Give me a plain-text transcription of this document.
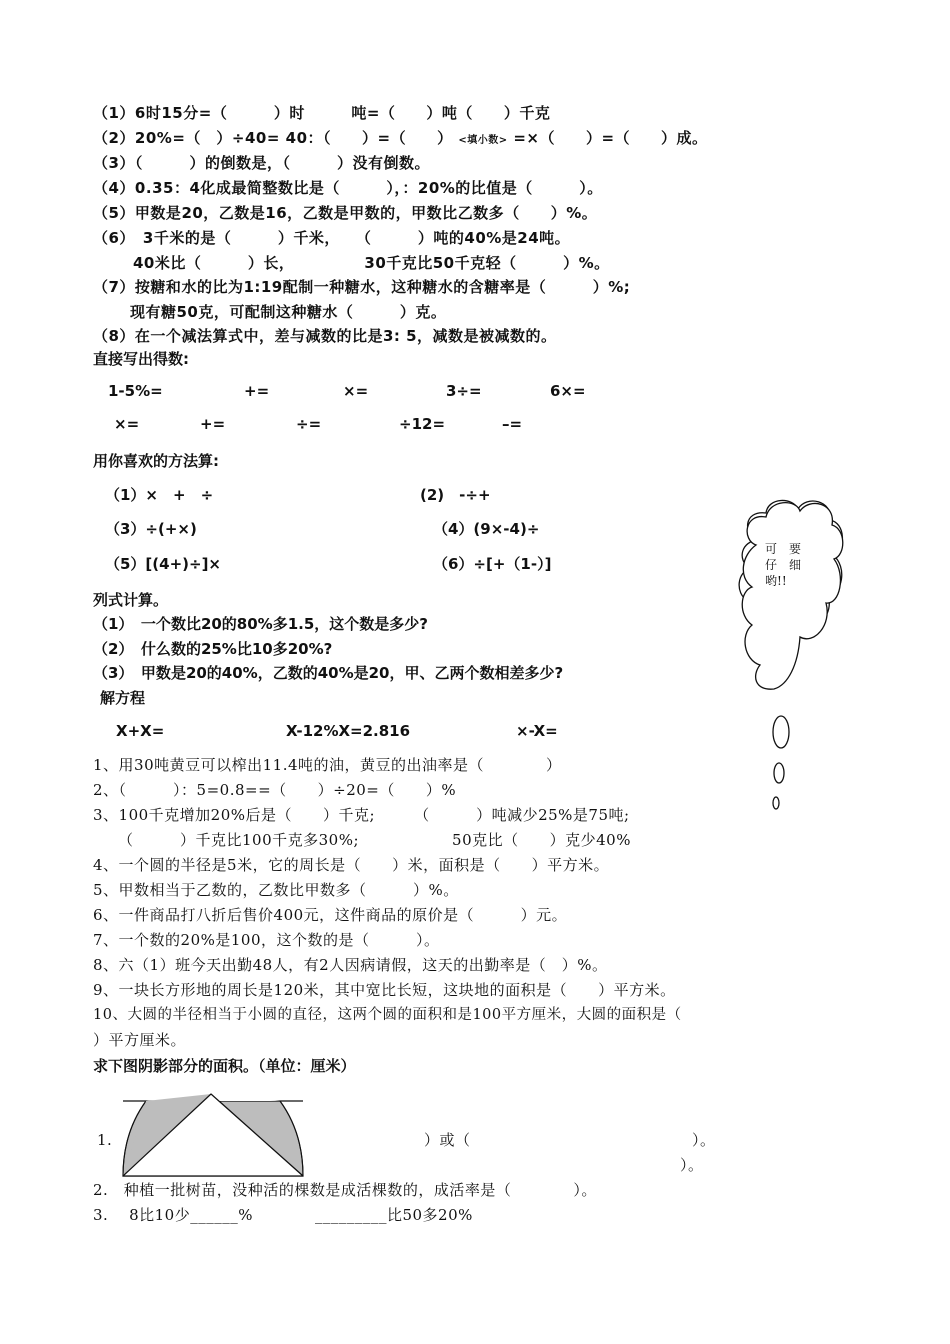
（1）6时15分=（　　　）时　　　吨=（　　）吨（　　）千克
（2）20%=（　）÷40= 40：（　　）=（　　） <填小数> =×（　　）=（　　）成。
（3）（　　　）的倒数是，（　　　）没有倒数。
（4）0.35：4化成最简整数比是（　　　），：20%的比值是（　　　）。
（5）甲数是20，乙数是16，乙数是甲数的，甲数比乙数多（　　）%。
（6）　3千米的是（　　　）千米，　　（　　　）吨的40%是24吨。
40米比（　　　）长，　　　　　30千克比50千克轻（　　　）%。
（7）按糖和水的比为1:19配制一种糖水，这种糖水的含糖率是（　　　）%;
现有糖50克，可配制这种糖水（　　　）克。
（8）在一个减法算式中，差与减数的比是3: 5，减数是被减数的。
直接写出得数:
1-5%=	+=	×=	3÷=	6×=
×=	+=	÷=	÷12=	–=
用你喜欢的方法算:
（1）×　+　÷	(2)　-÷+
（3）÷(+×)	（4）(9×-4)÷
（5）[(4+)÷]×	（6）÷[+（1-）]
可　要
仔　细
哟!!
列式计算。
（1）　一个数比20的80%多1.5，这个数是多少?
（2）　什么数的25%比10多20%?
（3）　甲数是20的40%，乙数的40%是20，甲、乙两个数相差多少?
解方程
X+X=	X-12%X=2.816	×-X=
1、用30吨黄豆可以榨出11.4吨的油，黄豆的出油率是（　　　　）
2、（　　　）：5=0.8==（　　）÷20=（　　）%
3、100千克增加20%后是（　　）千克;　　　（　　　）吨减少25%是75吨;
（　　　）千克比100千克多30%;　　　　　　50克比（　　）克少40%
4、一个圆的半径是5米，它的周长是（　　）米，面积是（　　）平方米。
5、甲数相当于乙数的，乙数比甲数多（　　　）%。
6、一件商品打八折后售价400元，这件商品的原价是（　　　）元。
7、一个数的20%是100，这个数的是（　　　）。
8、六（1）班今天出勤48人，有2人因病请假，这天的出勤率是（　）%。
9、一块长方形地的周长是120米，其中宽比长短，这块地的面积是（　　）平方米。
10、大圆的半径相当于小圆的直径，这两个圆的面积和是100平方厘米，大圆的面积是（
）平方厘米。
求下图阴影部分的面积。（单位：厘米）
1.	）或（	）。
）。
2.　种植一批树苗，没种活的棵数是成活棵数的，成活率是（　　　　）。
3.　 8比10少______%　　　　_________比50多20%
